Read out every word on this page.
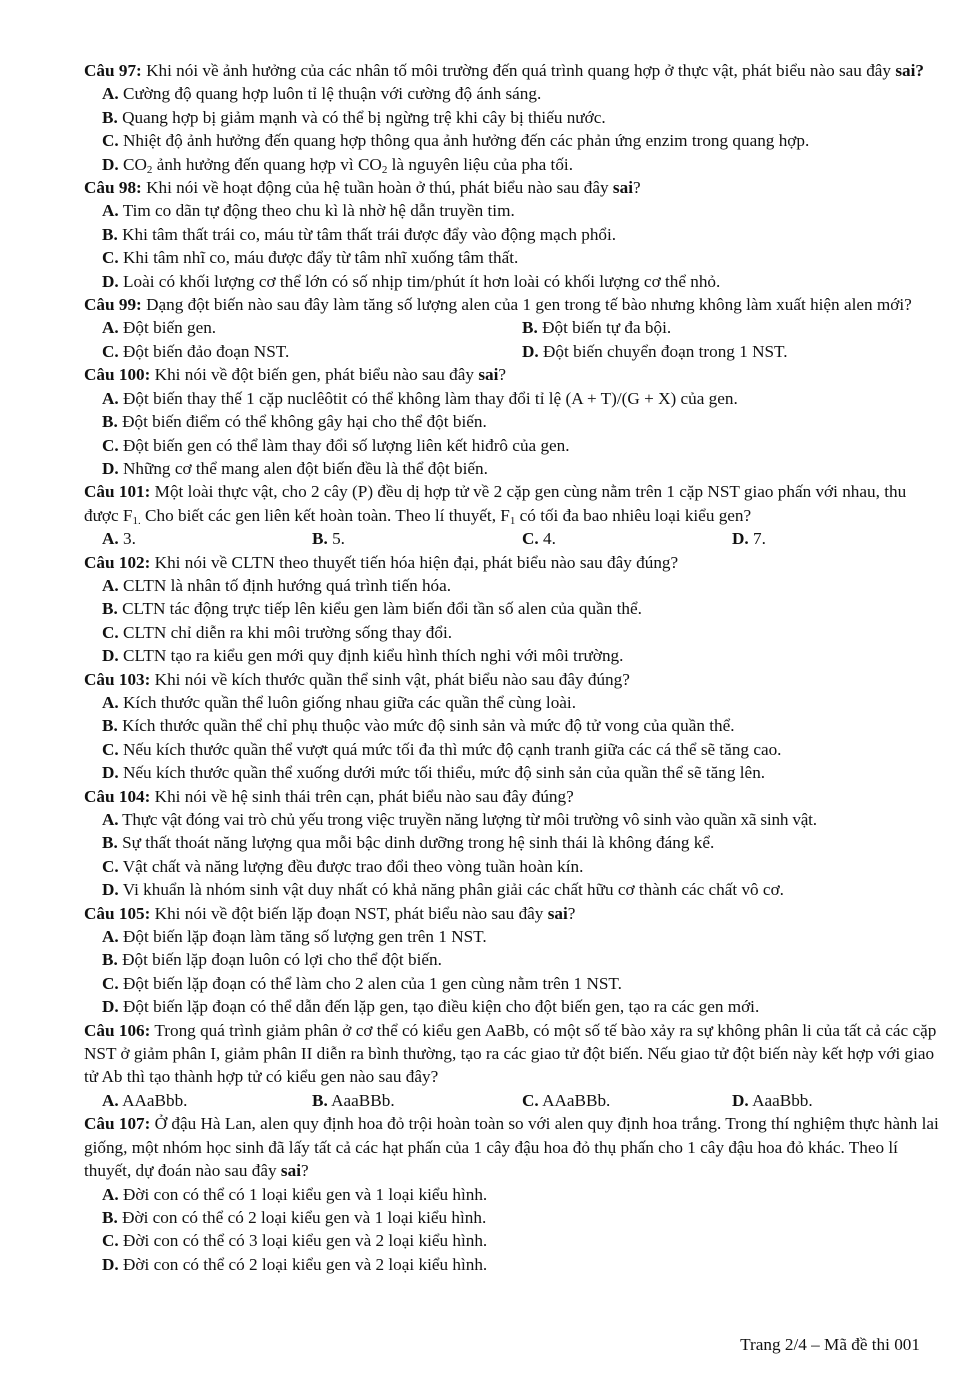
Câu 97: Khi nói về ảnh hưởng của các nhân tố môi trường đến quá trình quang hợp ở thực vật, phát biểu nào sau đây sai?
A. Cường độ quang hợp luôn tỉ lệ thuận với cường độ ánh sáng.
B. Quang hợp bị giảm mạnh và có thể bị ngừng trệ khi cây bị thiếu nước.
C. Nhiệt độ ảnh hưởng đến quang hợp thông qua ảnh hưởng đến các phản ứng enzim trong quang hợp.
D. $CO_2$ ảnh hưởng đến quang hợp vì $CO_2$ là nguyên liệu của pha tối.
Câu 98: Khi nói về hoạt động của hệ tuần hoàn ở thú, phát biểu nào sau đây sai?
A. Tim co dãn tự động theo chu kì là nhờ hệ dẫn truyền tim.
B. Khi tâm thất trái co, máu từ tâm thất trái được đẩy vào động mạch phổi.
C. Khi tâm nhĩ co, máu được đẩy từ tâm nhĩ xuống tâm thất.
D. Loài có khối lượng cơ thể lớn có số nhịp tim/phút ít hơn loài có khối lượng cơ thể nhỏ.
Câu 99: Dạng đột biến nào sau đây làm tăng số lượng alen của 1 gen trong tế bào nhưng không làm xuất hiện alen mới?
A. Đột biến gen.	B. Đột biến tự đa bội.
C. Đột biến đảo đoạn NST.	D. Đột biến chuyển đoạn trong 1 NST.
Câu 100: Khi nói về đột biến gen, phát biểu nào sau đây sai?
A. Đột biến thay thế 1 cặp nuclêôtit có thể không làm thay đổi tỉ lệ (A + T)/(G + X) của gen.
B. Đột biến điểm có thể không gây hại cho thể đột biến.
C. Đột biến gen có thể làm thay đổi số lượng liên kết hiđrô của gen.
D. Những cơ thể mang alen đột biến đều là thể đột biến.
Câu 101: Một loài thực vật, cho 2 cây (P) đều dị hợp tử về 2 cặp gen cùng nằm trên 1 cặp NST giao phấn với nhau, thu được $F_{1.}$ Cho biết các gen liên kết hoàn toàn. Theo lí thuyết, $F_1$ có tối đa bao nhiêu loại kiểu gen?
A. 3.	B. 5.	C. 4.	D. 7.
Câu 102: Khi nói về CLTN theo thuyết tiến hóa hiện đại, phát biểu nào sau đây đúng?
A. CLTN là nhân tố định hướng quá trình tiến hóa.
B. CLTN tác động trực tiếp lên kiểu gen làm biến đổi tần số alen của quần thể.
C. CLTN chỉ diễn ra khi môi trường sống thay đổi.
D. CLTN tạo ra kiểu gen mới quy định kiểu hình thích nghi với môi trường.
Câu 103: Khi nói về kích thước quần thể sinh vật, phát biểu nào sau đây đúng?
A. Kích thước quần thể luôn giống nhau giữa các quần thể cùng loài.
B. Kích thước quần thể chỉ phụ thuộc vào mức độ sinh sản và mức độ tử vong của quần thể.
C. Nếu kích thước quần thể vượt quá mức tối đa thì mức độ cạnh tranh giữa các cá thể sẽ tăng cao.
D. Nếu kích thước quần thể xuống dưới mức tối thiểu, mức độ sinh sản của quần thể sẽ tăng lên.
Câu 104: Khi nói về hệ sinh thái trên cạn, phát biểu nào sau đây đúng?
A. Thực vật đóng vai trò chủ yếu trong việc truyền năng lượng từ môi trường vô sinh vào quần xã sinh vật.
B. Sự thất thoát năng lượng qua mỗi bậc dinh dưỡng trong hệ sinh thái là không đáng kể.
C. Vật chất và năng lượng đều được trao đổi theo vòng tuần hoàn kín.
D. Vi khuẩn là nhóm sinh vật duy nhất có khả năng phân giải các chất hữu cơ thành các chất vô cơ.
Câu 105: Khi nói về đột biến lặp đoạn NST, phát biểu nào sau đây sai?
A. Đột biến lặp đoạn làm tăng số lượng gen trên 1 NST.
B. Đột biến lặp đoạn luôn có lợi cho thể đột biến.
C. Đột biến lặp đoạn có thể làm cho 2 alen của 1 gen cùng nằm trên 1 NST.
D. Đột biến lặp đoạn có thể dẫn đến lặp gen, tạo điều kiện cho đột biến gen, tạo ra các gen mới.
Câu 106: Trong quá trình giảm phân ở cơ thể có kiểu gen AaBb, có một số tế bào xảy ra sự không phân li của tất cả các cặp NST ở giảm phân I, giảm phân II diễn ra bình thường, tạo ra các giao tử đột biến. Nếu giao tử đột biến này kết hợp với giao tử Ab thì tạo thành hợp tử có kiểu gen nào sau đây?
A. AAaBbb.	B. AaaBBb.	C. AAaBBb.	D. AaaBbb.
Câu 107: Ở đậu Hà Lan, alen quy định hoa đỏ trội hoàn toàn so với alen quy định hoa trắng. Trong thí nghiệm thực hành lai giống, một nhóm học sinh đã lấy tất cả các hạt phấn của 1 cây đậu hoa đỏ thụ phấn cho 1 cây đậu hoa đỏ khác. Theo lí thuyết, dự đoán nào sau đây sai?
A. Đời con có thể có 1 loại kiểu gen và 1 loại kiểu hình.
B. Đời con có thể có 2 loại kiểu gen và 1 loại kiểu hình.
C. Đời con có thể có 3 loại kiểu gen và 2 loại kiểu hình.
D. Đời con có thể có 2 loại kiểu gen và 2 loại kiểu hình.
Trang 2/4 – Mã đề thi 001
